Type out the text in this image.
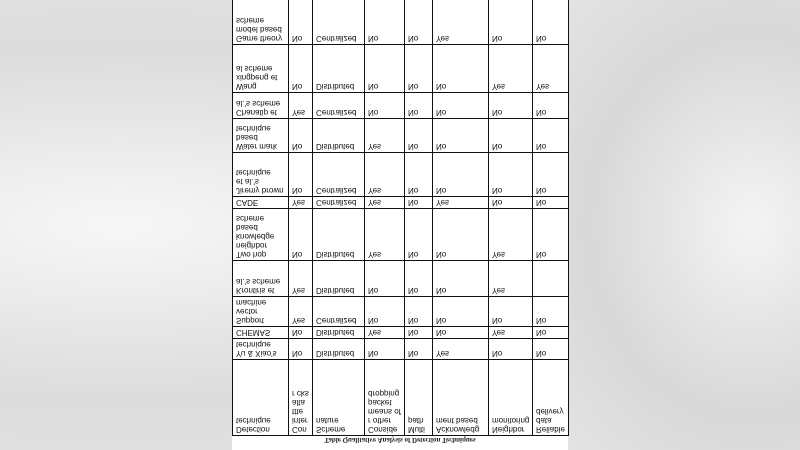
Table Qualitative Analysis of Detection Techniques
Detection technique	Con inter ttte alta r cks	Scheme nature	Conside r other means of packet dropping	Multi path	Acknowledg ment based	Neighbor monitoring	Reliable data delivery
Yu & Xiao's technique	No	Distributed	No	No	Yes	No	No
CHEMAS	No	Distributed	Yes	No	No	Yes	No
Support vector machine	Yes	Centralized	No	No	No	No	No
Krontiris et al.'s scheme	Yes	Distributed	No	No	No	Yes	
Two hop neighbor knowledge based scheme	No	Distributed	Yes	No	No	Yes	No
CADE	Yes	Centralized	Yes	No	Yes	No	No
Jiremy brown et al.'s technique	No	Centralized	Yes	No	No	No	No
Water mark based technique	No	Distributed	Yes	No	No	No	No
Chanatip et al.'s scheme	Yes	Centralized	No	No	No	No	No
Wang xingpeng et al scheme	No	Distributed	No	No	No	Yes	Yes
Game theory model based scheme	No	Centralized	No	No	Yes	No	No
